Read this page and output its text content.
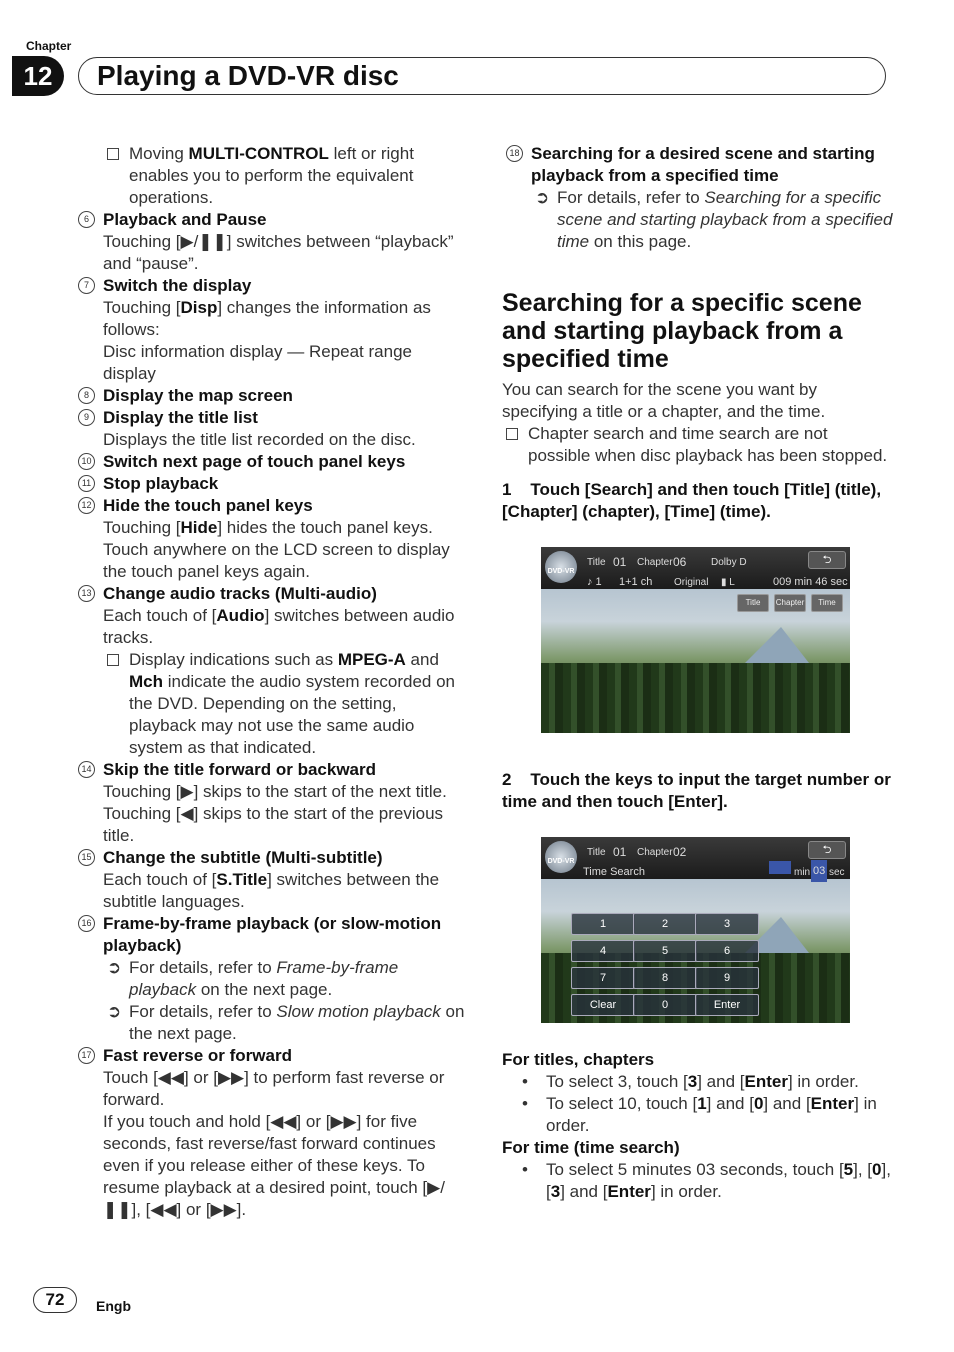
Chapter
12	Playing a DVD-VR disc
Moving MULTI-CONTROL left or right enables you to perform the equivalent operations.
6 Playback and Pause
Touching [▶/❚❚] switches between “playback” and “pause”.
7 Switch the display
Touching [Disp] changes the information as follows:
Disc information display — Repeat range display
8 Display the map screen
9 Display the title list
Displays the title list recorded on the disc.
10 Switch next page of touch panel keys
11 Stop playback
12 Hide the touch panel keys
Touching [Hide] hides the touch panel keys. Touch anywhere on the LCD screen to display the touch panel keys again.
13 Change audio tracks (Multi-audio)
Each touch of [Audio] switches between audio tracks.
Display indications such as MPEG-A and Mch indicate the audio system recorded on the DVD. Depending on the setting, playback may not use the same audio system as that indicated.
14 Skip the title forward or backward
Touching [▶] skips to the start of the next title. Touching [◀] skips to the start of the previous title.
15 Change the subtitle (Multi-subtitle)
Each touch of [S.Title] switches between the subtitle languages.
16 Frame-by-frame playback (or slow-motion playback)
➲ For details, refer to Frame-by-frame playback on the next page.
➲ For details, refer to Slow motion playback on the next page.
17 Fast reverse or forward
Touch [◀◀] or [▶▶] to perform fast reverse or forward.
If you touch and hold [◀◀] or [▶▶] for five seconds, fast reverse/fast forward continues even if you release either of these keys. To resume playback at a desired point, touch [▶/❚❚], [◀◀] or [▶▶].
18 Searching for a desired scene and starting playback from a specified time
➲ For details, refer to Searching for a specific scene and starting playback from a specified time on this page.
Searching for a specific scene and starting playback from a specified time
You can search for the scene you want by specifying a title or a chapter, and the time.
Chapter search and time search are not possible when disc playback has been stopped.
1    Touch [Search] and then touch [Title] (title), [Chapter] (chapter), [Time] (time).
DVD-VR
Title 01 Chapter 06 Dolby D
♪ 1 1+1 ch Original ▮ L	009 min 46 sec
⮌
Title	Chapter	Time
2    Touch the keys to input the target number or time and then touch [Enter].
DVD-VR
Title 01 Chapter 02
Time Search	min 03 sec
⮌
1	2	3
4	5	6
7	8	9
Clear	0	Enter
For titles, chapters
• To select 3, touch [3] and [Enter] in order.
• To select 10, touch [1] and [0] and [Enter] in order.
For time (time search)
• To select 5 minutes 03 seconds, touch [5], [0], [3] and [Enter] in order.
72	Engb
